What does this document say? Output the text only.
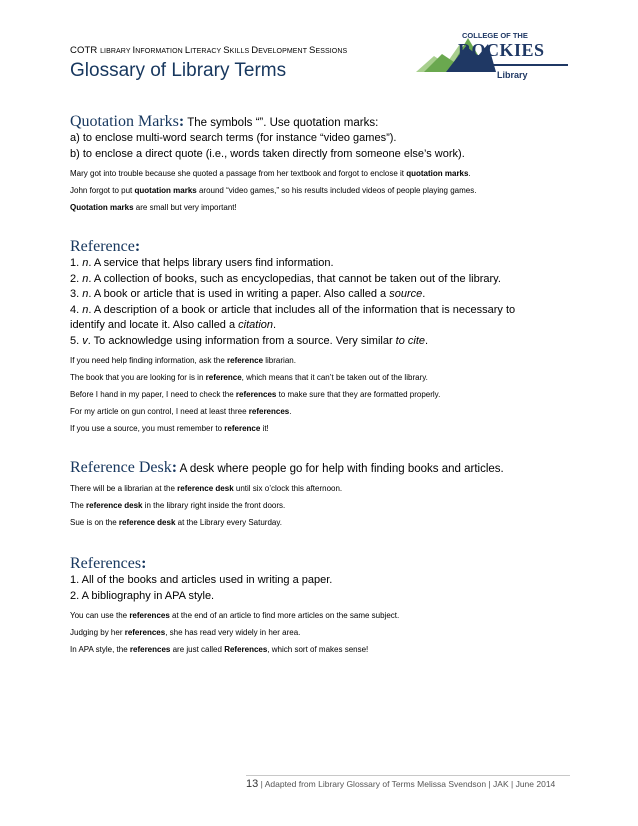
COTR LIBRARY INFORMATION LITERACY SKILLS DEVELOPMENT SESSIONS
Glossary of Library Terms
COLLEGE OF THE
ROCKIES
Library

Quotation Marks: The symbols “”. Use quotation marks:

a) to enclose multi-word search terms (for instance “video games”).

b) to enclose a direct quote (i.e., words taken directly from someone else’s work).

Mary got into trouble because she quoted a passage from her textbook and forgot to enclose it quotation marks.

John forgot to put quotation marks around “video games,” so his results included videos of people playing games.

Quotation marks are small but very important!

Reference:

1. n. A service that helps library users find information.

2. n. A collection of books, such as encyclopedias, that cannot be taken out of the library.

3. n. A book or article that is used in writing a paper. Also called a source.

4. n. A description of a book or article that includes all of the information that is necessary to

identify and locate it. Also called a citation.

5. v. To acknowledge using information from a source. Very similar to cite.

If you need help finding information, ask the reference librarian.

The book that you are looking for is in reference, which means that it can’t be taken out of the library.

Before I hand in my paper, I need to check the references to make sure that they are formatted properly.

For my article on gun control, I need at least three references.

If you use a source, you must remember to reference it!

Reference Desk: A desk where people go for help with finding books and articles.

There will be a librarian at the reference desk until six o’clock this afternoon.

The reference desk in the library right inside the front doors.

Sue is on the reference desk at the Library every Saturday.

References:

1. All of the books and articles used in writing a paper.

2. A bibliography in APA style.

You can use the references at the end of an article to find more articles on the same subject.

Judging by her references, she has read very widely in her area.

In APA style, the references are just called References, which sort of makes sense!

13 | Adapted from Library Glossary of Terms Melissa Svendson | JAK | June 2014
